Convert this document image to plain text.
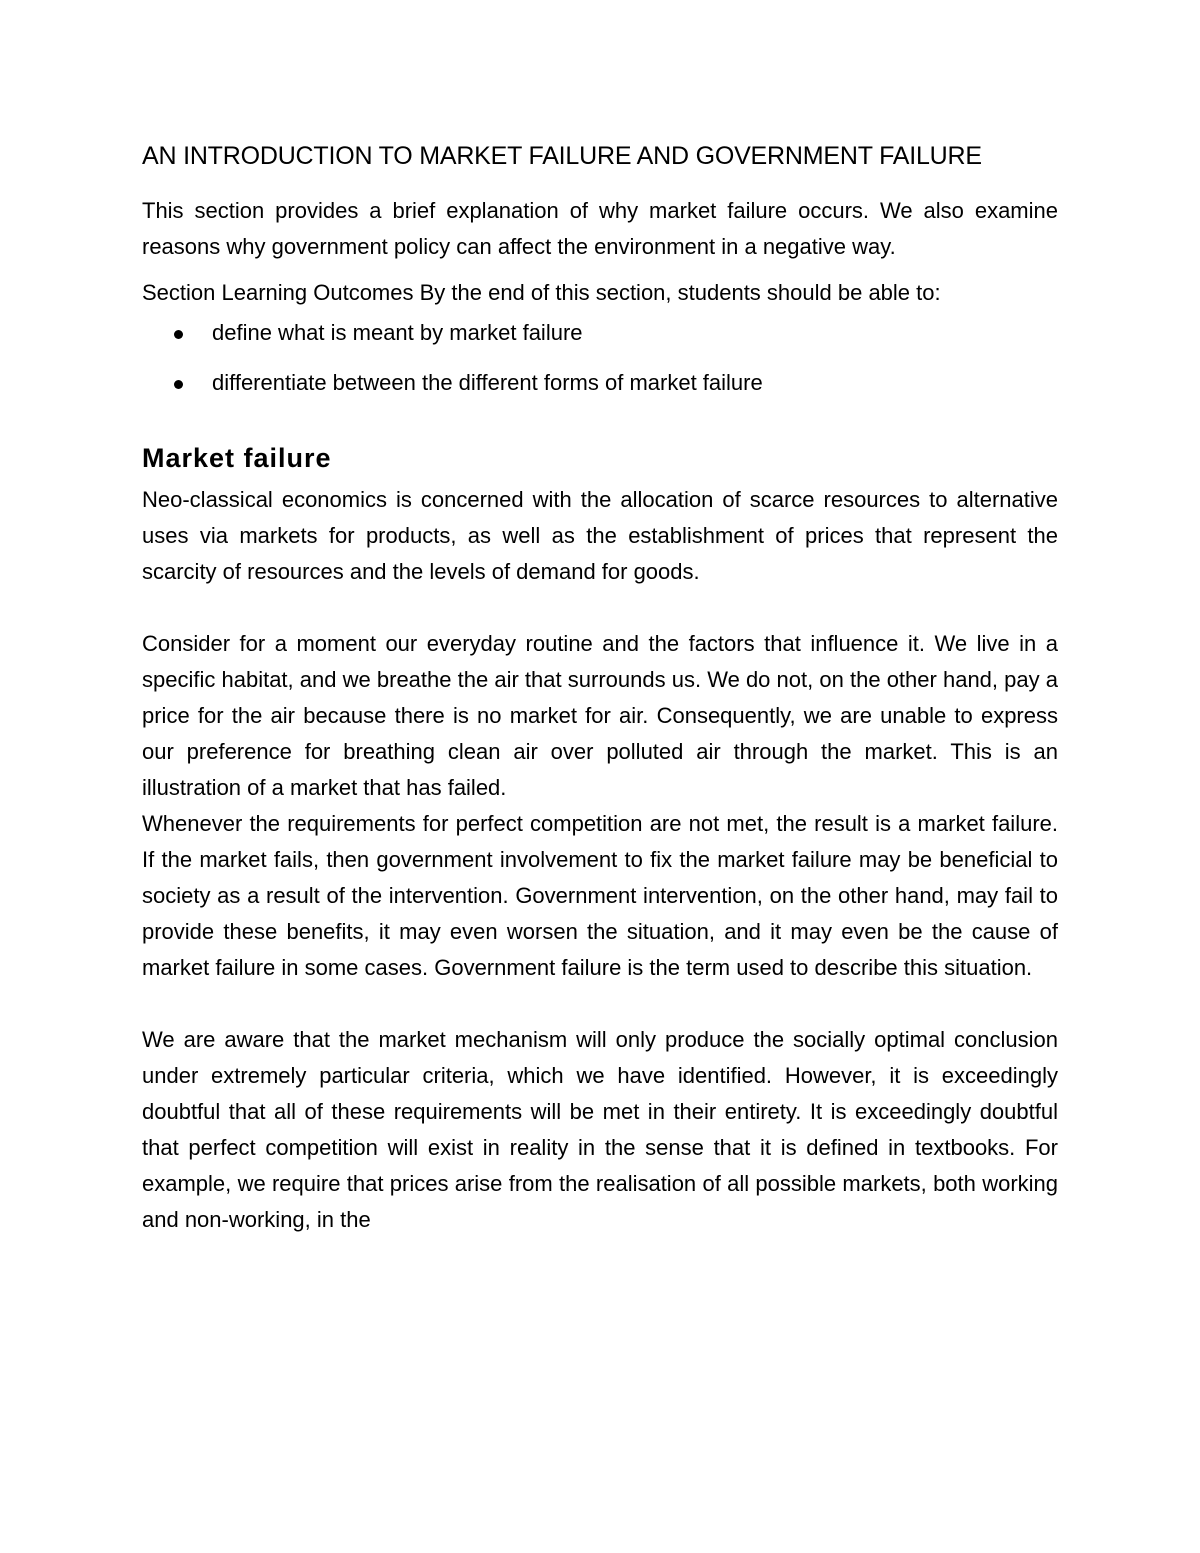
AN INTRODUCTION TO MARKET FAILURE AND GOVERNMENT FAILURE

This section provides a brief explanation of why market failure occurs. We also examine reasons why government policy can affect the environment in a negative way.

Section Learning Outcomes By the end of this section, students should be able to:

define what is meant by market failure
differentiate between the different forms of market failure
Market failure

Neo-classical economics is concerned with the allocation of scarce resources to alternative uses via markets for products, as well as the establishment of prices that represent the scarcity of resources and the levels of demand for goods.

Consider for a moment our everyday routine and the factors that influence it. We live in a specific habitat, and we breathe the air that surrounds us. We do not, on the other hand, pay a price for the air because there is no market for air. Consequently, we are unable to express our preference for breathing clean air over polluted air through the market. This is an illustration of a market that has failed.

Whenever the requirements for perfect competition are not met, the result is a market failure. If the market fails, then government involvement to fix the market failure may be beneficial to society as a result of the intervention. Government intervention, on the other hand, may fail to provide these benefits, it may even worsen the situation, and it may even be the cause of market failure in some cases. Government failure is the term used to describe this situation.

We are aware that the market mechanism will only produce the socially optimal conclusion under extremely particular criteria, which we have identified. However, it is exceedingly doubtful that all of these requirements will be met in their entirety. It is exceedingly doubtful that perfect competition will exist in reality in the sense that it is defined in textbooks. For example, we require that prices arise from the realisation of all possible markets, both working and non-working, in the
